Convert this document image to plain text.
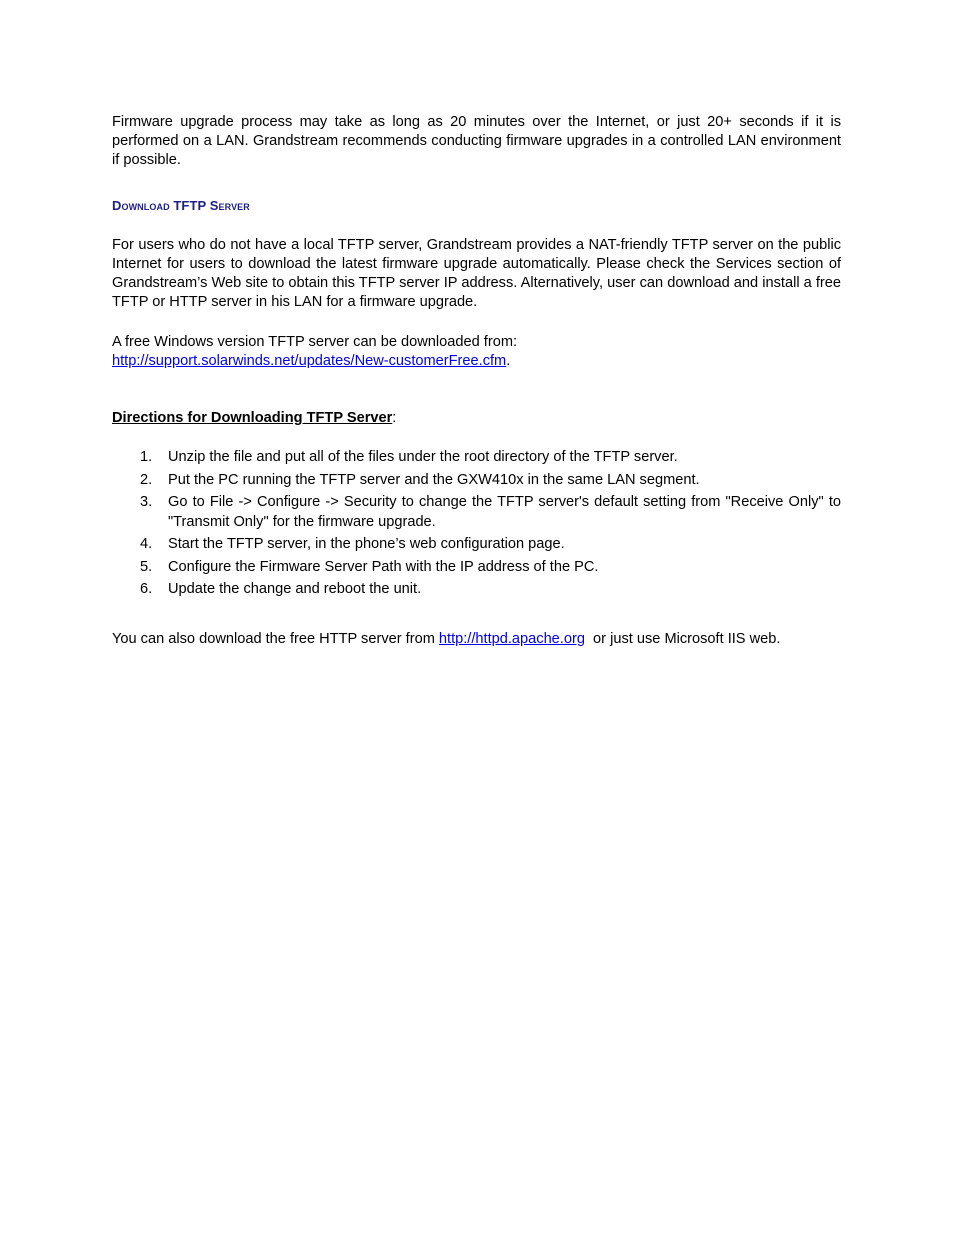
Firmware upgrade process may take as long as 20 minutes over the Internet, or just 20+ seconds if it is performed on a LAN. Grandstream recommends conducting firmware upgrades in a controlled LAN environment if possible.

Download TFTP Server

For users who do not have a local TFTP server, Grandstream provides a NAT-friendly TFTP server on the public Internet for users to download the latest firmware upgrade automatically. Please check the Services section of Grandstream’s Web site to obtain this TFTP server IP address. Alternatively, user can download and install a free TFTP or HTTP server in his LAN for a firmware upgrade.

A free Windows version TFTP server can be downloaded from:
http://support.solarwinds.net/updates/New-customerFree.cfm.

Directions for Downloading TFTP Server:

1. Unzip the file and put all of the files under the root directory of the TFTP server.
2. Put the PC running the TFTP server and the GXW410x in the same LAN segment.
3. Go to File -> Configure -> Security to change the TFTP server's default setting from "Receive Only" to "Transmit Only" for the firmware upgrade.
4. Start the TFTP server, in the phone’s web configuration page.
5. Configure the Firmware Server Path with the IP address of the PC.
6. Update the change and reboot the unit.

You can also download the free HTTP server from http://httpd.apache.org  or just use Microsoft IIS web.
